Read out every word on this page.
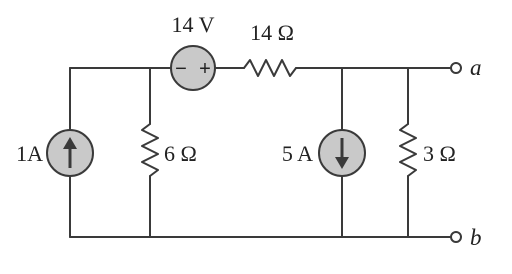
− +
14 V 14 Ω
1A	6 Ω	5 A	3 Ω
a
b
